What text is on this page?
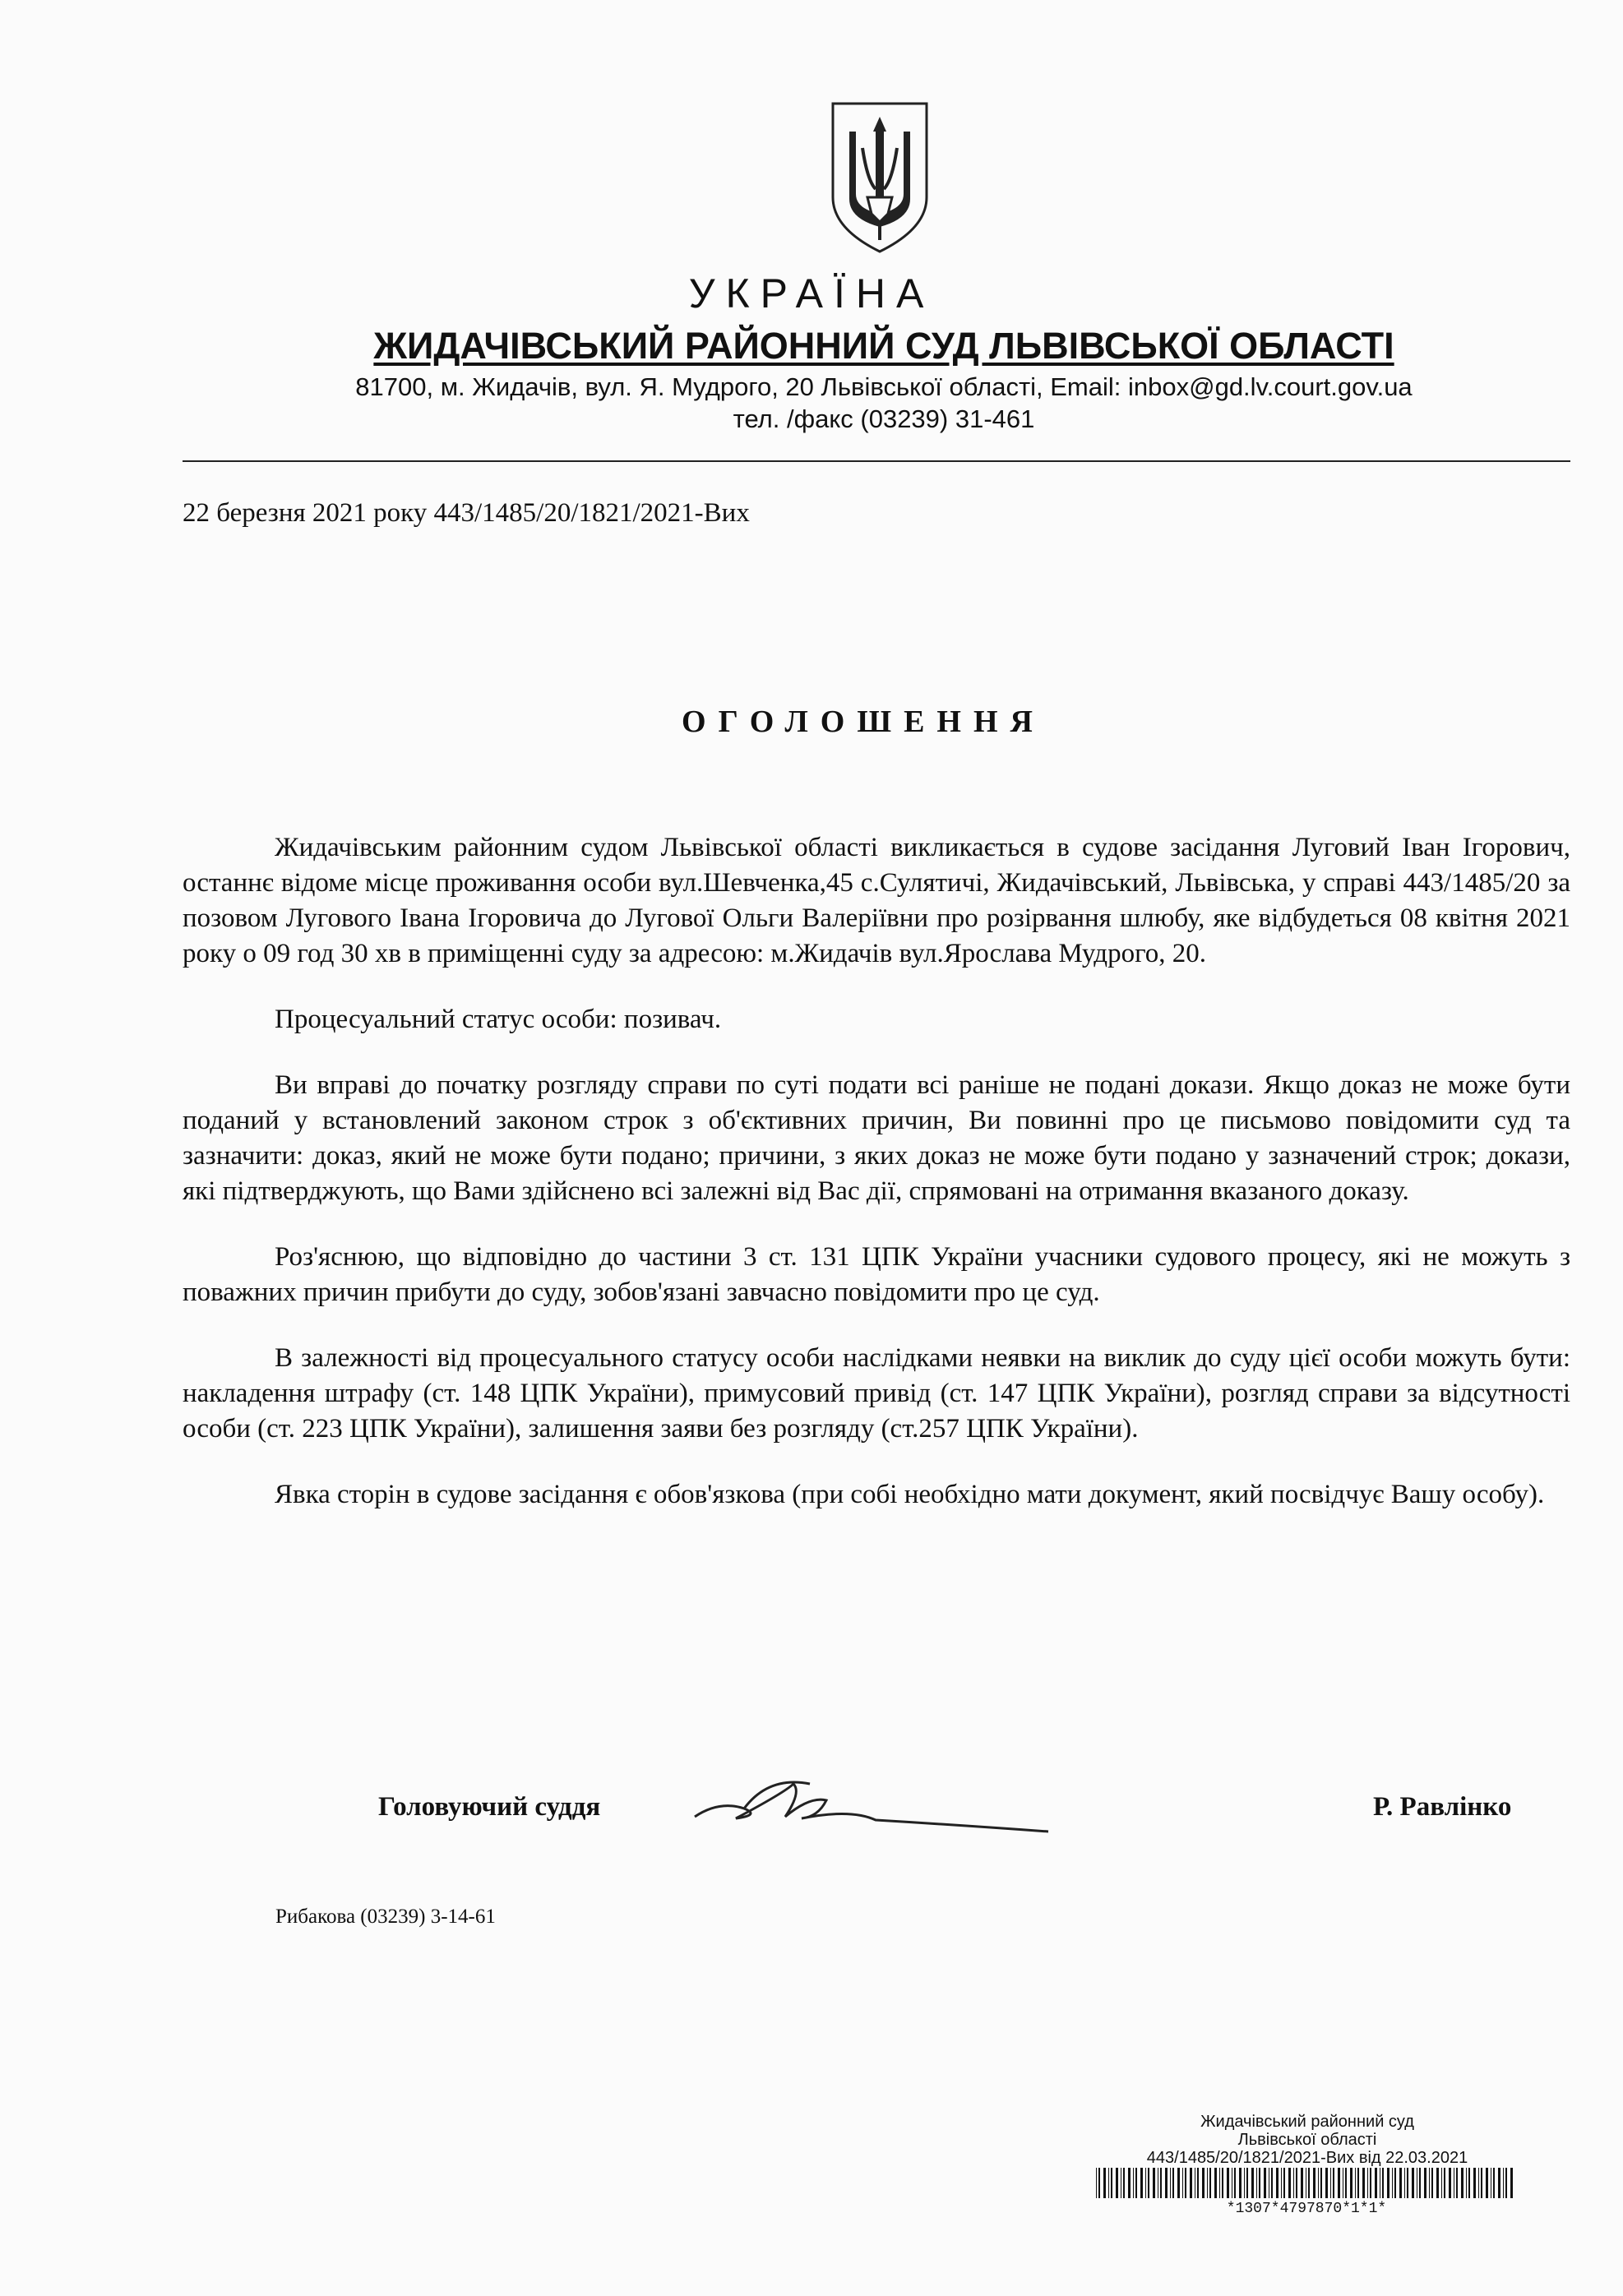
УКРАЇНА
ЖИДАЧІВСЬКИЙ РАЙОННИЙ СУД ЛЬВІВСЬКОЇ ОБЛАСТІ
81700, м. Жидачів, вул. Я. Мудрого, 20 Львівської області, Email: inbox@gd.lv.court.gov.ua
тел. /факс (03239) 31-461
22 березня 2021 року 443/1485/20/1821/2021-Вих
ОГОЛОШЕННЯ

Жидачівським районним судом Львівської області викликається в судове засідання Луговий Іван Ігорович, останнє відоме місце проживання особи вул.Шевченка,45 с.Сулятичі, Жидачівський, Львівська, у справі 443/1485/20 за позовом Лугового Івана Ігоровича до Лугової Ольги Валеріївни про розірвання шлюбу, яке відбудеться 08 квітня 2021 року о 09 год 30 хв в приміщенні суду за адресою: м.Жидачів вул.Ярослава Мудрого, 20.

Процесуальний статус особи: позивач.

Ви вправі до початку розгляду справи по суті подати всі раніше не подані докази. Якщо доказ не може бути поданий у встановлений законом строк з об'єктивних причин, Ви повинні про це письмово повідомити суд та зазначити: доказ, який не може бути подано; причини, з яких доказ не може бути подано у зазначений строк; докази, які підтверджують, що Вами здійснено всі залежні від Вас дії, спрямовані на отримання вказаного доказу.

Роз'яснюю, що відповідно до частини 3 ст. 131 ЦПК України учасники судового процесу, які не можуть з поважних причин прибути до суду, зобов'язані завчасно повідомити про це суд.

В залежності від процесуального статусу особи наслідками неявки на виклик до суду цієї особи можуть бути: накладення штрафу (ст. 148 ЦПК України), примусовий привід (ст. 147 ЦПК України), розгляд справи за відсутності особи (ст. 223 ЦПК України), залишення заяви без розгляду (ст.257 ЦПК України).

Явка сторін в судове засідання є обов'язкова (при собі необхідно мати документ, який посвідчує Вашу особу).

Головуючий суддя	Р. Равлінко
Рибакова (03239) 3-14-61
Жидачівський районний суд
Львівської області
443/1485/20/1821/2021-Вих від 22.03.2021
*1307*4797870*1*1*
